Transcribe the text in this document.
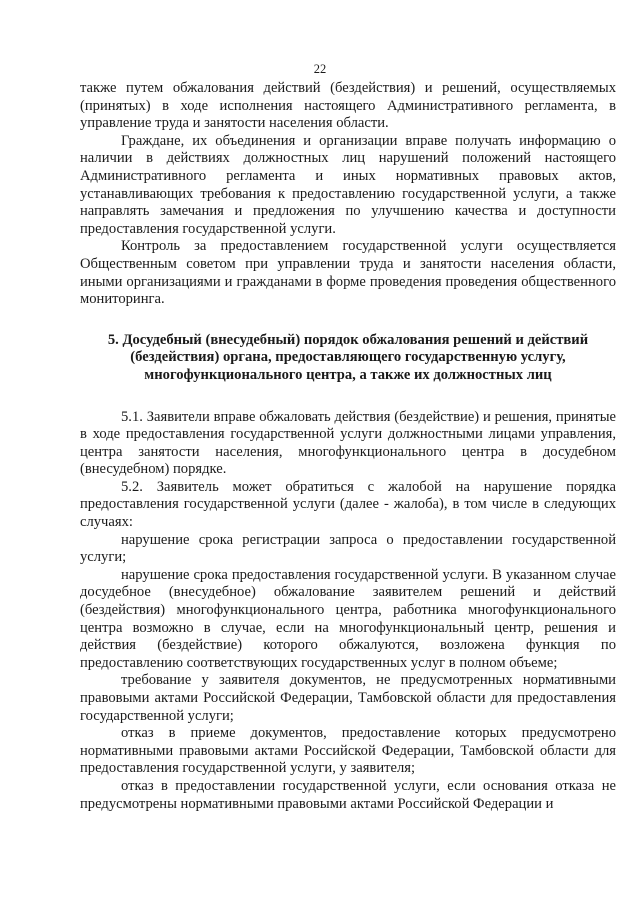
22

также путем обжалования действий (бездействия) и решений, осуществляемых (принятых) в ходе исполнения настоящего Административного регламента, в управление труда и занятости населения области.

Граждане, их объединения и организации вправе получать информацию о наличии в действиях должностных лиц нарушений положений настоящего Административного регламента и иных нормативных правовых актов, устанавливающих требования к предоставлению государственной услуги, а также направлять замечания и предложения по улучшению качества и доступности предоставления государственной услуги.

Контроль за предоставлением государственной услуги осуществляется Общественным советом при управлении труда и занятости населения области, иными организациями и гражданами в форме проведения проведения общественного мониторинга.

5. Досудебный (внесудебный) порядок обжалования решений и действий
(бездействия) органа, предоставляющего государственную услугу,
многофункционального центра, а также их должностных лиц

5.1. Заявители вправе обжаловать действия (бездействие) и решения, принятые в ходе предоставления государственной услуги должностными лицами управления, центра занятости населения, многофункционального центра в досудебном (внесудебном) порядке.

5.2. Заявитель может обратиться с жалобой на нарушение порядка предоставления государственной услуги (далее - жалоба), в том числе в следующих случаях:

нарушение срока регистрации запроса о предоставлении государственной услуги;

нарушение срока предоставления государственной услуги. В указанном случае досудебное (внесудебное) обжалование заявителем решений и действий (бездействия) многофункционального центра, работника многофункционального центра возможно в случае, если на многофункциональный центр, решения и действия (бездействие) которого обжалуются, возложена функция по предоставлению соответствующих государственных услуг в полном объеме;

требование у заявителя документов, не предусмотренных нормативными правовыми актами Российской Федерации, Тамбовской области для предоставления государственной услуги;

отказ в приеме документов, предоставление которых предусмотрено нормативными правовыми актами Российской Федерации, Тамбовской области для предоставления государственной услуги, у заявителя;

отказ в предоставлении государственной услуги, если основания отказа не предусмотрены нормативными правовыми актами Российской Федерации и
